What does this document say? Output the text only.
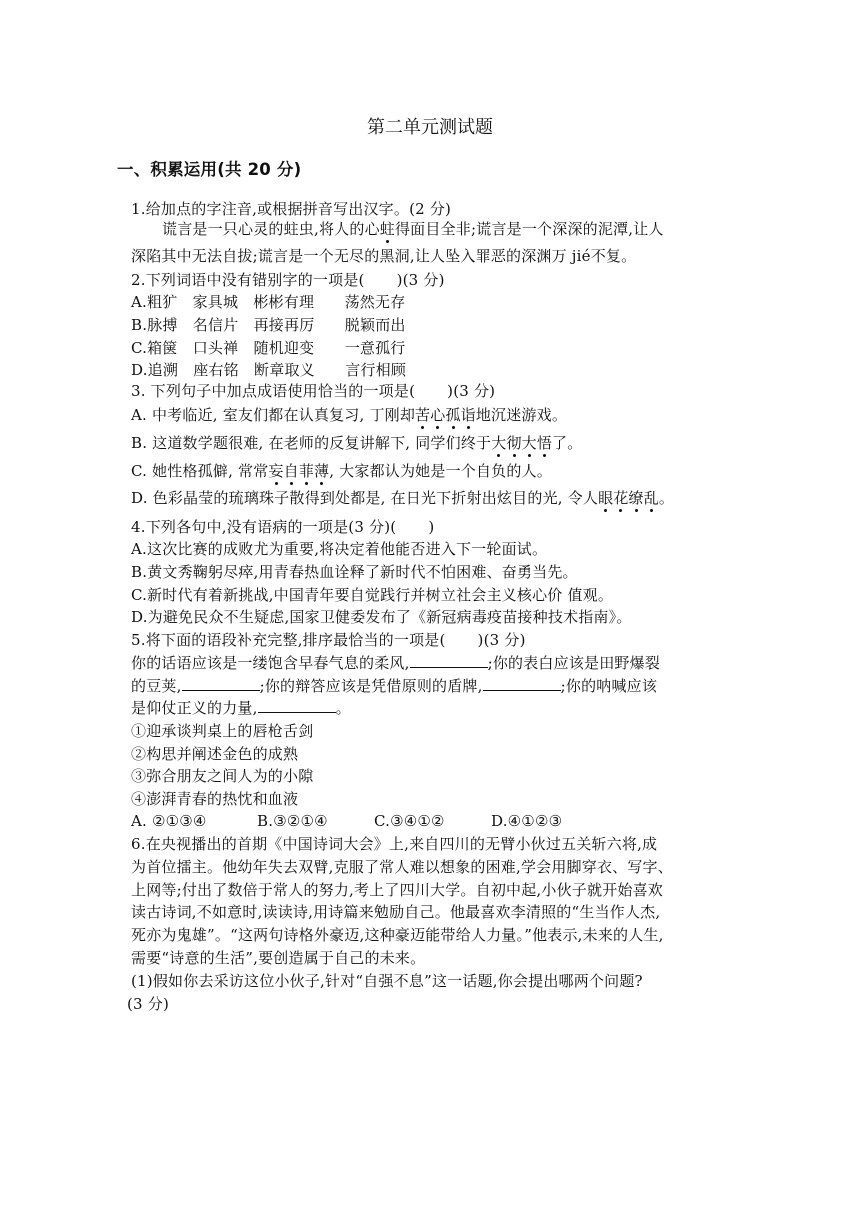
第二单元测试题
一、积累运用(共 20 分)
1.给加点的字注音,或根据拼音写出汉字。(2 分)
谎言是一只心灵的蛀虫,将人的心蛀得面目全非;谎言是一个深深的泥潭,让人
深陷其中无法自拔;谎言是一个无尽的黑洞,让人坠入罪恶的深渊万 jié不复。
2.下列词语中没有错别字的一项是( )(3 分)
A.粗犷　家具城　彬彬有理　　荡然无存
B.脉搏　名信片　再接再厉　　脱颖而出
C.箱箧　口头禅　随机迎变　　一意孤行
D.追溯　座右铭　断章取义　　言行相顾
3. 下列句子中加点成语使用恰当的一项是( )(3 分)
A. 中考临近, 室友们都在认真复习, 丁刚却苦心孤诣地沉迷游戏。
B. 这道数学题很难, 在老师的反复讲解下, 同学们终于大彻大悟了。
C. 她性格孤僻, 常常妄自菲薄, 大家都认为她是一个自负的人。
D. 色彩晶莹的琉璃珠子散得到处都是, 在日光下折射出炫目的光, 令人眼花缭乱。
4.下列各句中,没有语病的一项是(3 分)( )
A.这次比赛的成败尤为重要,将决定着他能否进入下一轮面试。
B.黄文秀鞠躬尽瘁,用青春热血诠释了新时代不怕困难、奋勇当先。
C.新时代有着新挑战,中国青年要自觉践行并树立社会主义核心价 值观。
D.为避免民众不生疑虑,国家卫健委发布了《新冠病毒疫苗接种技术指南》。
5.将下面的语段补充完整,排序最恰当的一项是( )(3 分)
你的话语应该是一缕饱含早春气息的柔风,	;你的表白应该是田野爆裂
的豆荚,	;你的辩答应该是凭借原则的盾牌,	;你的呐喊应该
是仰仗正义的力量,	。
①迎承谈判桌上的唇枪舌剑
②构思并阐述金色的成熟
③弥合朋友之间人为的小隙
④澎湃青春的热忱和血液
A. ②①③④	B.③②①④	C.③④①②	D.④①②③
6.在央视播出的首期《中国诗词大会》上,来自四川的无臂小伙过五关斩六将,成
为首位擂主。他幼年失去双臂,克服了常人难以想象的困难,学会用脚穿衣、写字、
上网等;付出了数倍于常人的努力,考上了四川大学。自初中起,小伙子就开始喜欢
读古诗词,不如意时,读读诗,用诗篇来勉励自己。他最喜欢李清照的“生当作人杰,
死亦为鬼雄”。“这两句诗格外豪迈,这种豪迈能带给人力量。”他表示,未来的人生,
需要“诗意的生活”,要创造属于自己的未来。
(1)假如你去采访这位小伙子,针对“自强不息”这一话题,你会提出哪两个问题?
(3 分)
